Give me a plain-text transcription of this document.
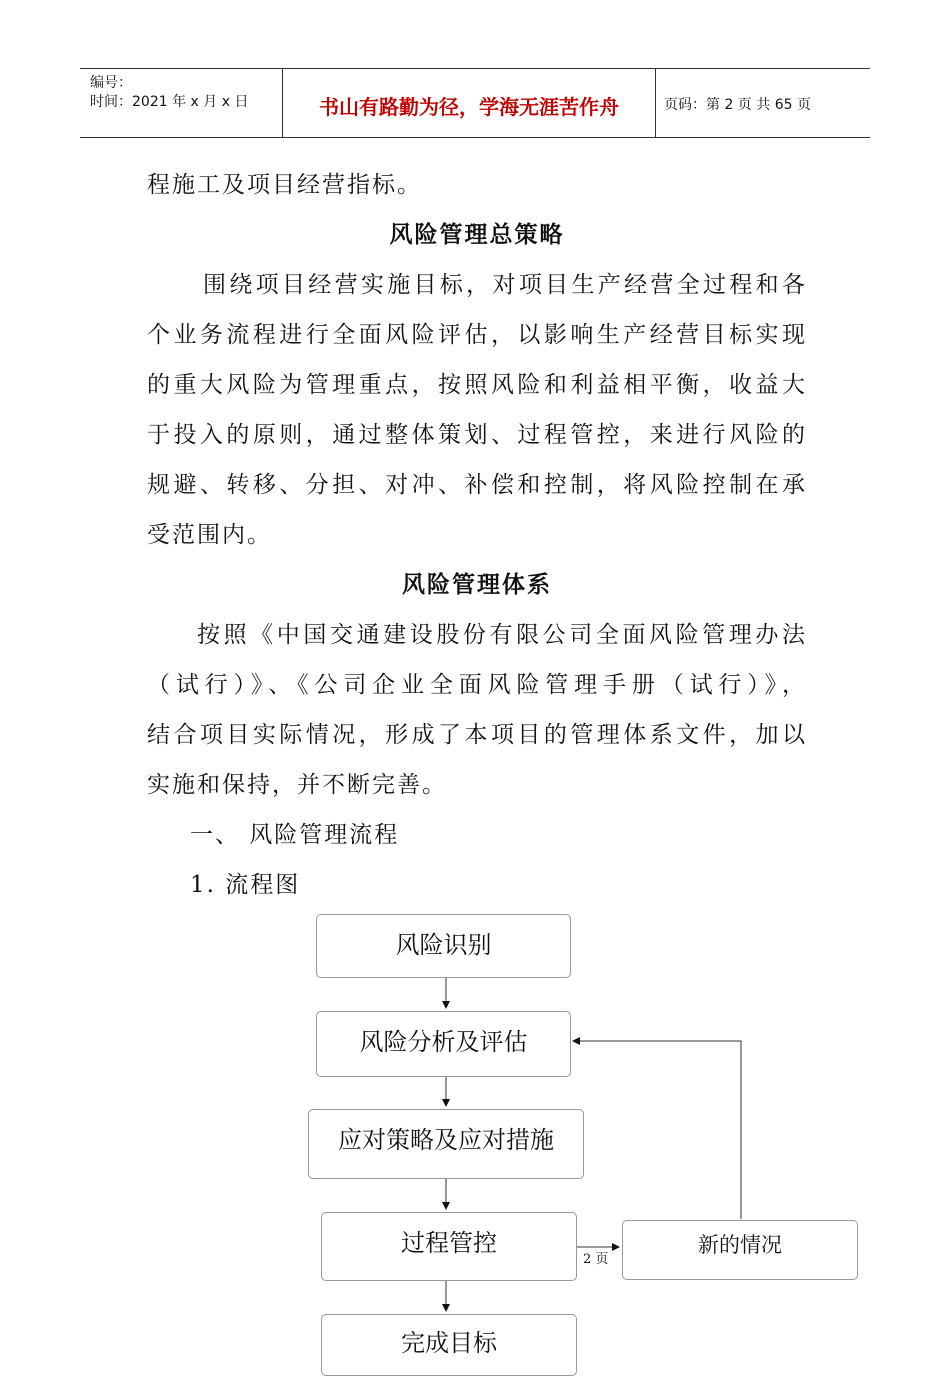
编号：
时间：2021 年 x 月 x 日	书山有路勤为径，学海无涯苦作舟	页码：第 2 页 共 65 页
程施工及项目经营指标。
风险管理总策略
围绕项目经营实施目标，对项目生产经营全过程和各
个业务流程进行全面风险评估，以影响生产经营目标实现
的重大风险为管理重点，按照风险和利益相平衡，收益大
于投入的原则，通过整体策划、过程管控，来进行风险的
规避、转移、分担、对冲、补偿和控制，将风险控制在承
受范围内。
风险管理体系
按照《中国交通建设股份有限公司全面风险管理办法
（试行）》、《公司企业全面风险管理手册（试行）》，
结合项目实际情况，形成了本项目的管理体系文件，加以
实施和保持，并不断完善。
一、 风险管理流程
1. 流程图
风险识别
风险分析及评估
应对策略及应对措施
过程管控	新的情况
完成目标
2 页
